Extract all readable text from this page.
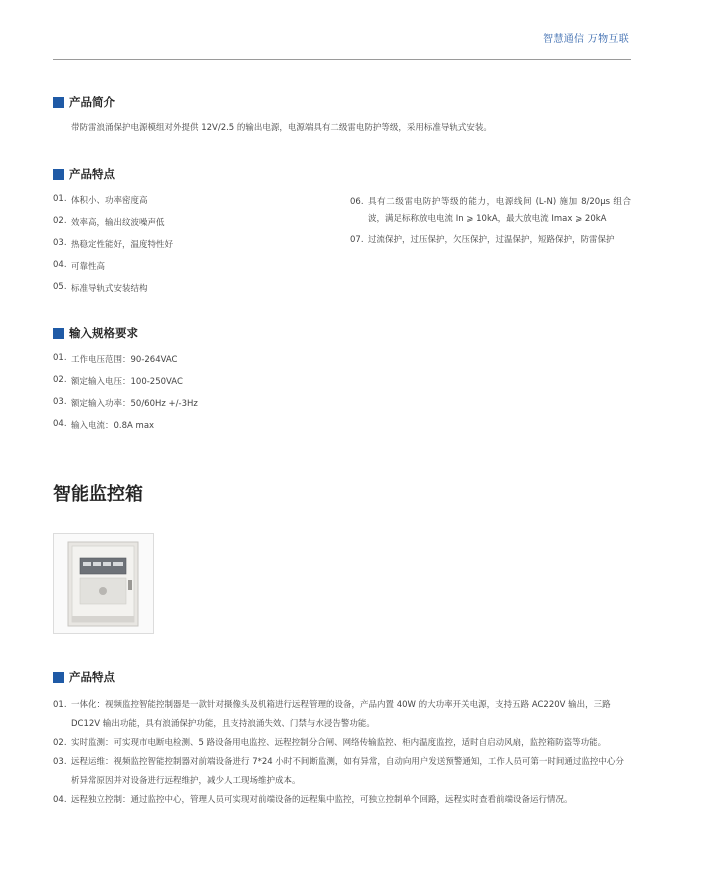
智慧通信 万物互联
产品简介
带防雷浪涌保护电源模组对外提供 12V/2.5 的输出电源，电源端具有二级雷电防护等级，采用标准导轨式安装。
产品特点
01. 体积小、功率密度高
02. 效率高，输出纹波噪声低
03. 热稳定性能好，温度特性好
04. 可靠性高
05. 标准导轨式安装结构
06. 具有二级雷电防护等级的能力，电源线间 (L-N) 施加 8/20μs 组合波，满足标称放电电流 In ⩾ 10kA，最大放电流 Imax ⩾ 20kA
07. 过流保护，过压保护，欠压保护，过温保护，短路保护，防雷保护
输入规格要求
01. 工作电压范围：90-264VAC
02. 额定输入电压：100-250VAC
03. 额定输入功率：50/60Hz +/-3Hz
04. 输入电流：0.8A max
智能监控箱
产品特点
01. 一体化：视频监控智能控制器是一款针对摄像头及机箱进行远程管理的设备，产品内置 40W 的大功率开关电源，支持五路 AC220V 输出，三路 DC12V 输出功能，具有浪涌保护功能，且支持浪涌失效、门禁与水浸告警功能。
02. 实时监测：可实现市电断电检测、5 路设备用电监控、远程控制分合闸、网络传输监控、柜内温度监控，适时自启动风扇，监控箱防盗等功能。
03. 远程运维：视频监控智能控制器对前端设备进行 7*24 小时不间断监测，如有异常，自动向用户发送预警通知，工作人员可第一时间通过监控中心分析异常原因并对设备进行远程维护，减少人工现场维护成本。
04. 远程独立控制：通过监控中心，管理人员可实现对前端设备的远程集中监控，可独立控制单个回路，远程实时查看前端设备运行情况。
